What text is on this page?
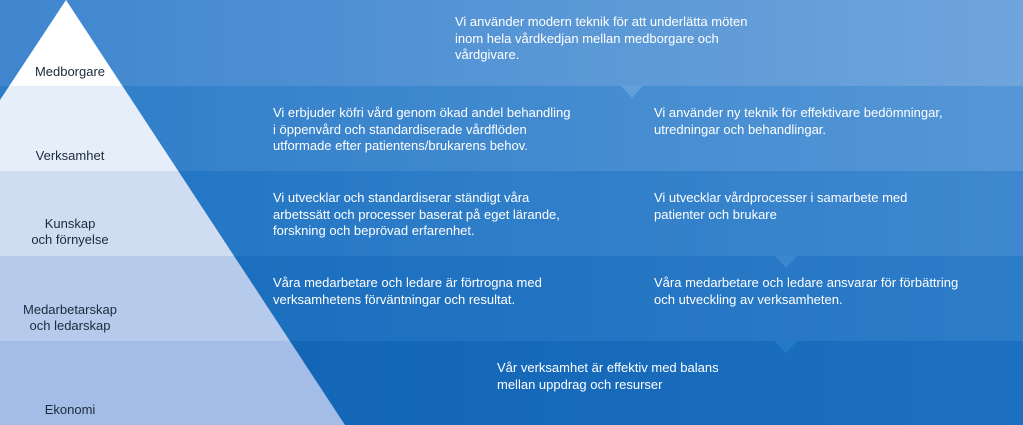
Medborgare
Verksamhet
Kunskap
och förnyelse
Medarbetarskap
och ledarskap
Ekonomi
Vi använder modern teknik för att underlätta möten
inom hela vårdkedjan mellan medborgare och
vårdgivare.
Vi erbjuder köfri vård genom ökad andel behandling
i öppenvård och standardiserade vårdflöden
utformade efter patientens/brukarens behov.
Vi använder ny teknik för effektivare bedömningar,
utredningar och behandlingar.
Vi utvecklar och standardiserar ständigt våra
arbetssätt och processer baserat på eget lärande,
forskning och beprövad erfarenhet.
Vi utvecklar vårdprocesser i samarbete med
patienter och brukare
Våra medarbetare och ledare är förtrogna med
verksamhetens förväntningar och resultat.
Våra medarbetare och ledare ansvarar för förbättring
och utveckling av verksamheten.
Vår verksamhet är effektiv med balans
mellan uppdrag och resurser
